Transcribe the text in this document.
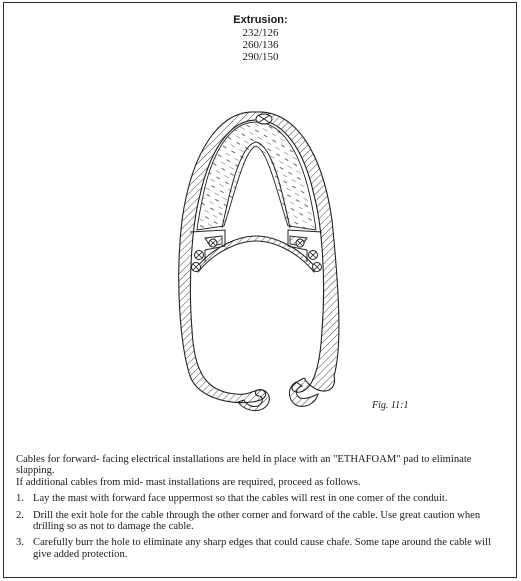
Extrusion:
232/126
260/136
290/150
Fig. 11:1

Cables for forward- facing electrical installations are held in place with an "ETHAFOAM" pad to eliminate slapping.

If additional cables from mid- mast installations are required, proceed as follows.

1. Lay the mast with forward face uppermost so that the cables will rest in one comer of the conduit.
2. Drill the exit hole for the cable through the other corner and forward of the cable. Use great caution when drilling so as not to damage the cable.
3. Carefully burr the hole to eliminate any sharp edges that could cause chafe. Some tape around the cable will give added protection.
